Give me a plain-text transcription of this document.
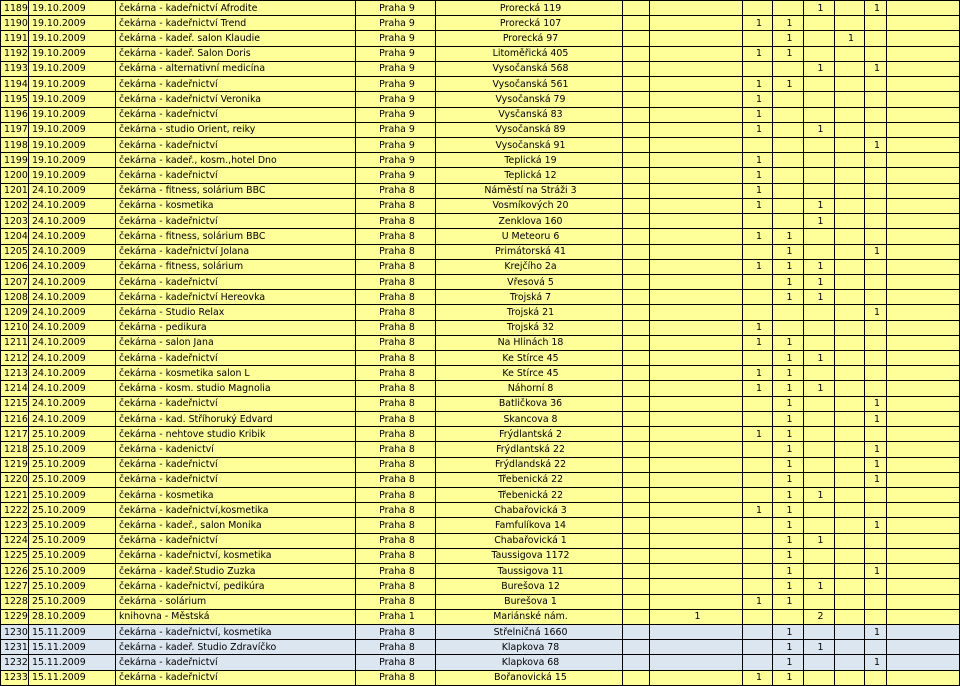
1189	19.10.2009	čekárna - kadeřnictví Afrodite	Praha 9	Prorecká 119					1		1	
1190	19.10.2009	čekárna - kadeřnictví Trend	Praha 9	Prorecká 107			1	1				
1191	19.10.2009	čekárna - kadeř. salon Klaudie	Praha 9	Prorecká 97				1		1		
1192	19.10.2009	čekárna - kadeř. Salon Doris	Praha 9	Litoměřická 405			1	1				
1193	19.10.2009	čekárna - alternativní medicína	Praha 9	Vysočanská 568					1		1	
1194	19.10.2009	čekárna - kadeřnictví	Praha 9	Vysočanská 561			1	1				
1195	19.10.2009	čekárna - kadeřnictví Veronika	Praha 9	Vysočanská 79			1					
1196	19.10.2009	čekárna - kadeřnictví	Praha 9	Vysčanská 83			1					
1197	19.10.2009	čekárna - studio Orient, reiky	Praha 9	Vysočanská 89			1		1			
1198	19.10.2009	čekárna - kadeřnictví	Praha 9	Vysočanská 91							1	
1199	19.10.2009	čekárna - kadeř., kosm.,hotel Dno	Praha 9	Teplická 19			1					
1200	19.10.2009	čekárna - kadeřnictví	Praha 9	Teplická 12			1					
1201	24.10.2009	čekárna - fitness, solárium BBC	Praha 8	Náměstí na Stráži 3			1					
1202	24.10.2009	čekárna - kosmetika	Praha 8	Vosmíkových 20			1		1			
1203	24.10.2009	čekárna - kadeřnictví	Praha 8	Zenklova 160					1			
1204	24.10.2009	čekárna - fitness, solárium BBC	Praha 8	U Meteoru 6			1	1				
1205	24.10.2009	čekárna - kadeřnictví Jolana	Praha 8	Primátorská 41				1			1	
1206	24.10.2009	čekárna - fitness, solárium	Praha 8	Krejčího 2a			1	1	1			
1207	24.10.2009	čekárna - kadeřnictví	Praha 8	Vřesová 5				1	1			
1208	24.10.2009	čekárna - kadeřnictví Hereovka	Praha 8	Trojská 7				1	1			
1209	24.10.2009	čekárna - Studio Relax	Praha 8	Trojská 21							1	
1210	24.10.2009	čekárna - pedikura	Praha 8	Trojská 32			1					
1211	24.10.2009	čekárna - salon Jana	Praha 8	Na Hlinách 18			1	1				
1212	24.10.2009	čekárna - kadeřnictví	Praha 8	Ke Stírce 45				1	1			
1213	24.10.2009	čekárna - kosmetika salon L	Praha 8	Ke Stírce 45			1	1				
1214	24.10.2009	čekárna - kosm. studio Magnolia	Praha 8	Náhorní 8			1	1	1			
1215	24.10.2009	čekárna - kadeřnictví	Praha 8	Batličkova 36				1			1	
1216	24.10.2009	čekárna - kad. Stříhoruký Edvard	Praha 8	Skancova 8				1			1	
1217	25.10.2009	čekárna - nehtove studio Kribik	Praha 8	Frýdlantská 2			1	1				
1218	25.10.2009	čekárna - kadenictví	Praha 8	Frýdlantská 22				1			1	
1219	25.10.2009	čekárna - kadeřnictví	Praha 8	Frýdlandská 22				1			1	
1220	25.10.2009	čekárna - kadeřnictví	Praha 8	Třebenická 22				1			1	
1221	25.10.2009	čekárna - kosmetika	Praha 8	Třebenická 22				1	1			
1222	25.10.2009	čekárna - kadeřnictví,kosmetika	Praha 8	Chabařovická 3			1	1				
1223	25.10.2009	čekárna - kadeř., salon Monika	Praha 8	Famfulíkova 14				1			1	
1224	25.10.2009	čekárna - kadeřnictví	Praha 8	Chabařovická 1				1	1			
1225	25.10.2009	čekárna - kadeřnictví, kosmetika	Praha 8	Taussigova 1172				1				
1226	25.10.2009	čekárna - kadeř.Studio Zuzka	Praha 8	Taussigova 11				1			1	
1227	25.10.2009	čekárna - kadeřnictví, pedikúra	Praha 8	Burešova 12				1	1			
1228	25.10.2009	čekárna - solárium	Praha 8	Burešova 1			1	1				
1229	28.10.2009	knihovna - Městská	Praha 1	Mariánské nám.		1			2			
1230	15.11.2009	čekárna - kadeřnictví, kosmetika	Praha 8	Střelničná 1660				1			1	
1231	15.11.2009	čekárna - kadeř. Studio Zdravíčko	Praha 8	Klapkova 78				1	1			
1232	15.11.2009	čekárna - kadeřnictví	Praha 8	Klapkova 68				1			1	
1233	15.11.2009	čekárna - kadeřnictví	Praha 8	Bořanovická 15			1	1				
